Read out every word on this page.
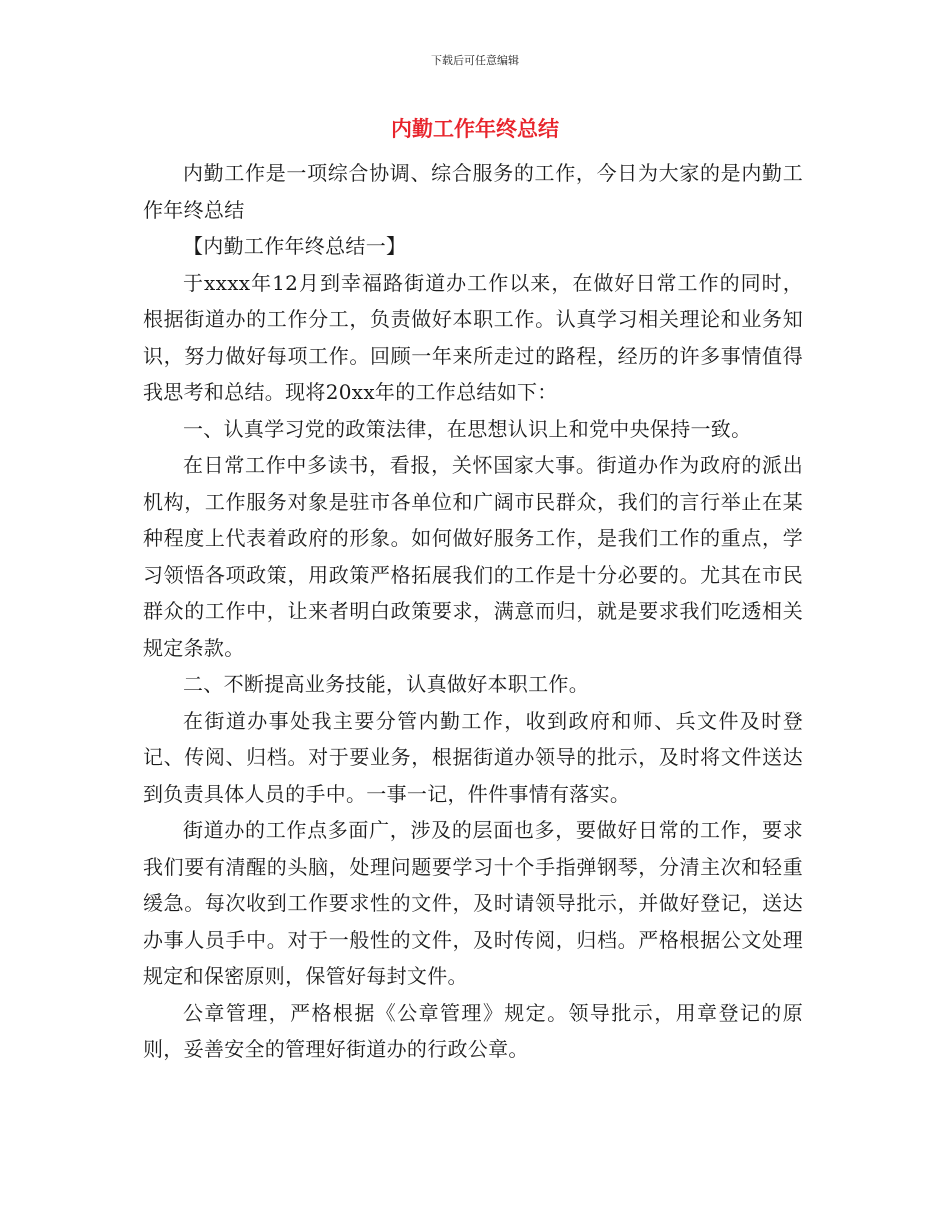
下载后可任意编辑
内勤工作年终总结

内勤工作是一项综合协调、综合服务的工作，今日为大家的是内勤工作年终总结

【内勤工作年终总结一】

于xxxx年12月到幸福路街道办工作以来，在做好日常工作的同时，根据街道办的工作分工，负责做好本职工作。认真学习相关理论和业务知识，努力做好每项工作。回顾一年来所走过的路程，经历的许多事情值得我思考和总结。现将20xx年的工作总结如下：

一、认真学习党的政策法律，在思想认识上和党中央保持一致。

在日常工作中多读书，看报，关怀国家大事。街道办作为政府的派出机构，工作服务对象是驻市各单位和广阔市民群众，我们的言行举止在某种程度上代表着政府的形象。如何做好服务工作，是我们工作的重点，学习领悟各项政策，用政策严格拓展我们的工作是十分必要的。尤其在市民群众的工作中，让来者明白政策要求，满意而归，就是要求我们吃透相关规定条款。

二、不断提高业务技能，认真做好本职工作。

在街道办事处我主要分管内勤工作，收到政府和师、兵文件及时登记、传阅、归档。对于要业务，根据街道办领导的批示，及时将文件送达到负责具体人员的手中。一事一记，件件事情有落实。

街道办的工作点多面广，涉及的层面也多，要做好日常的工作，要求我们要有清醒的头脑，处理问题要学习十个手指弹钢琴，分清主次和轻重缓急。每次收到工作要求性的文件，及时请领导批示，并做好登记，送达办事人员手中。对于一般性的文件，及时传阅，归档。严格根据公文处理规定和保密原则，保管好每封文件。

公章管理，严格根据《公章管理》规定。领导批示，用章登记的原则，妥善安全的管理好街道办的行政公章。
